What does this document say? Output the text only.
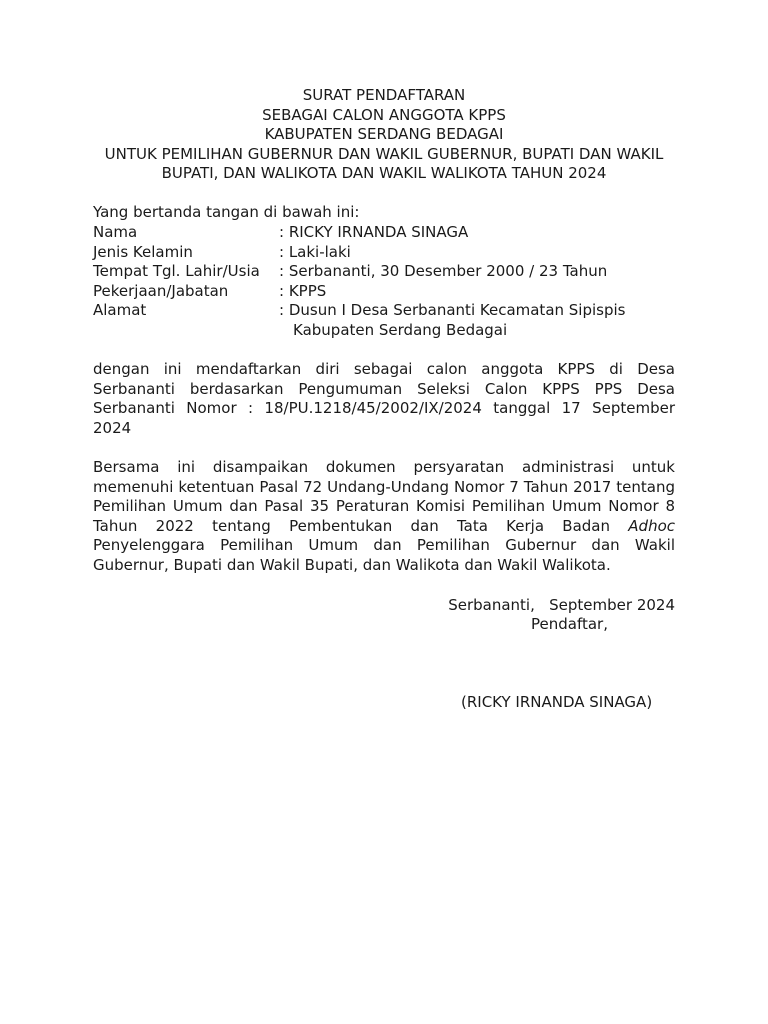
SURAT PENDAFTARAN
SEBAGAI CALON ANGGOTA KPPS
KABUPATEN SERDANG BEDAGAI
UNTUK PEMILIHAN GUBERNUR DAN WAKIL GUBERNUR, BUPATI DAN WAKIL
BUPATI, DAN WALIKOTA DAN WAKIL WALIKOTA TAHUN 2024
Yang bertanda tangan di bawah ini:
Nama	: RICKY IRNANDA SINAGA
Jenis Kelamin	: Laki-laki
Tempat Tgl. Lahir/Usia : Serbananti, 30 Desember 2000 / 23 Tahun
Pekerjaan/Jabatan	: KPPS
Alamat	: Dusun I Desa Serbananti Kecamatan Sipispis
Kabupaten Serdang Bedagai
dengan ini mendaftarkan diri sebagai calon anggota KPPS di Desa Serbananti berdasarkan Pengumuman Seleksi Calon KPPS PPS Desa Serbananti Nomor : 18/PU.1218/45/2002/IX/2024 tanggal 17 September 2024
Bersama ini disampaikan dokumen persyaratan administrasi untuk memenuhi ketentuan Pasal 72 Undang-Undang Nomor 7 Tahun 2017 tentang Pemilihan Umum dan Pasal 35 Peraturan Komisi Pemilihan Umum Nomor 8 Tahun 2022 tentang Pembentukan dan Tata Kerja Badan Adhoc Penyelenggara Pemilihan Umum dan Pemilihan Gubernur dan Wakil Gubernur, Bupati dan Wakil Bupati, dan Walikota dan Wakil Walikota.
Serbananti,   September 2024
Pendaftar,
(RICKY IRNANDA SINAGA)
